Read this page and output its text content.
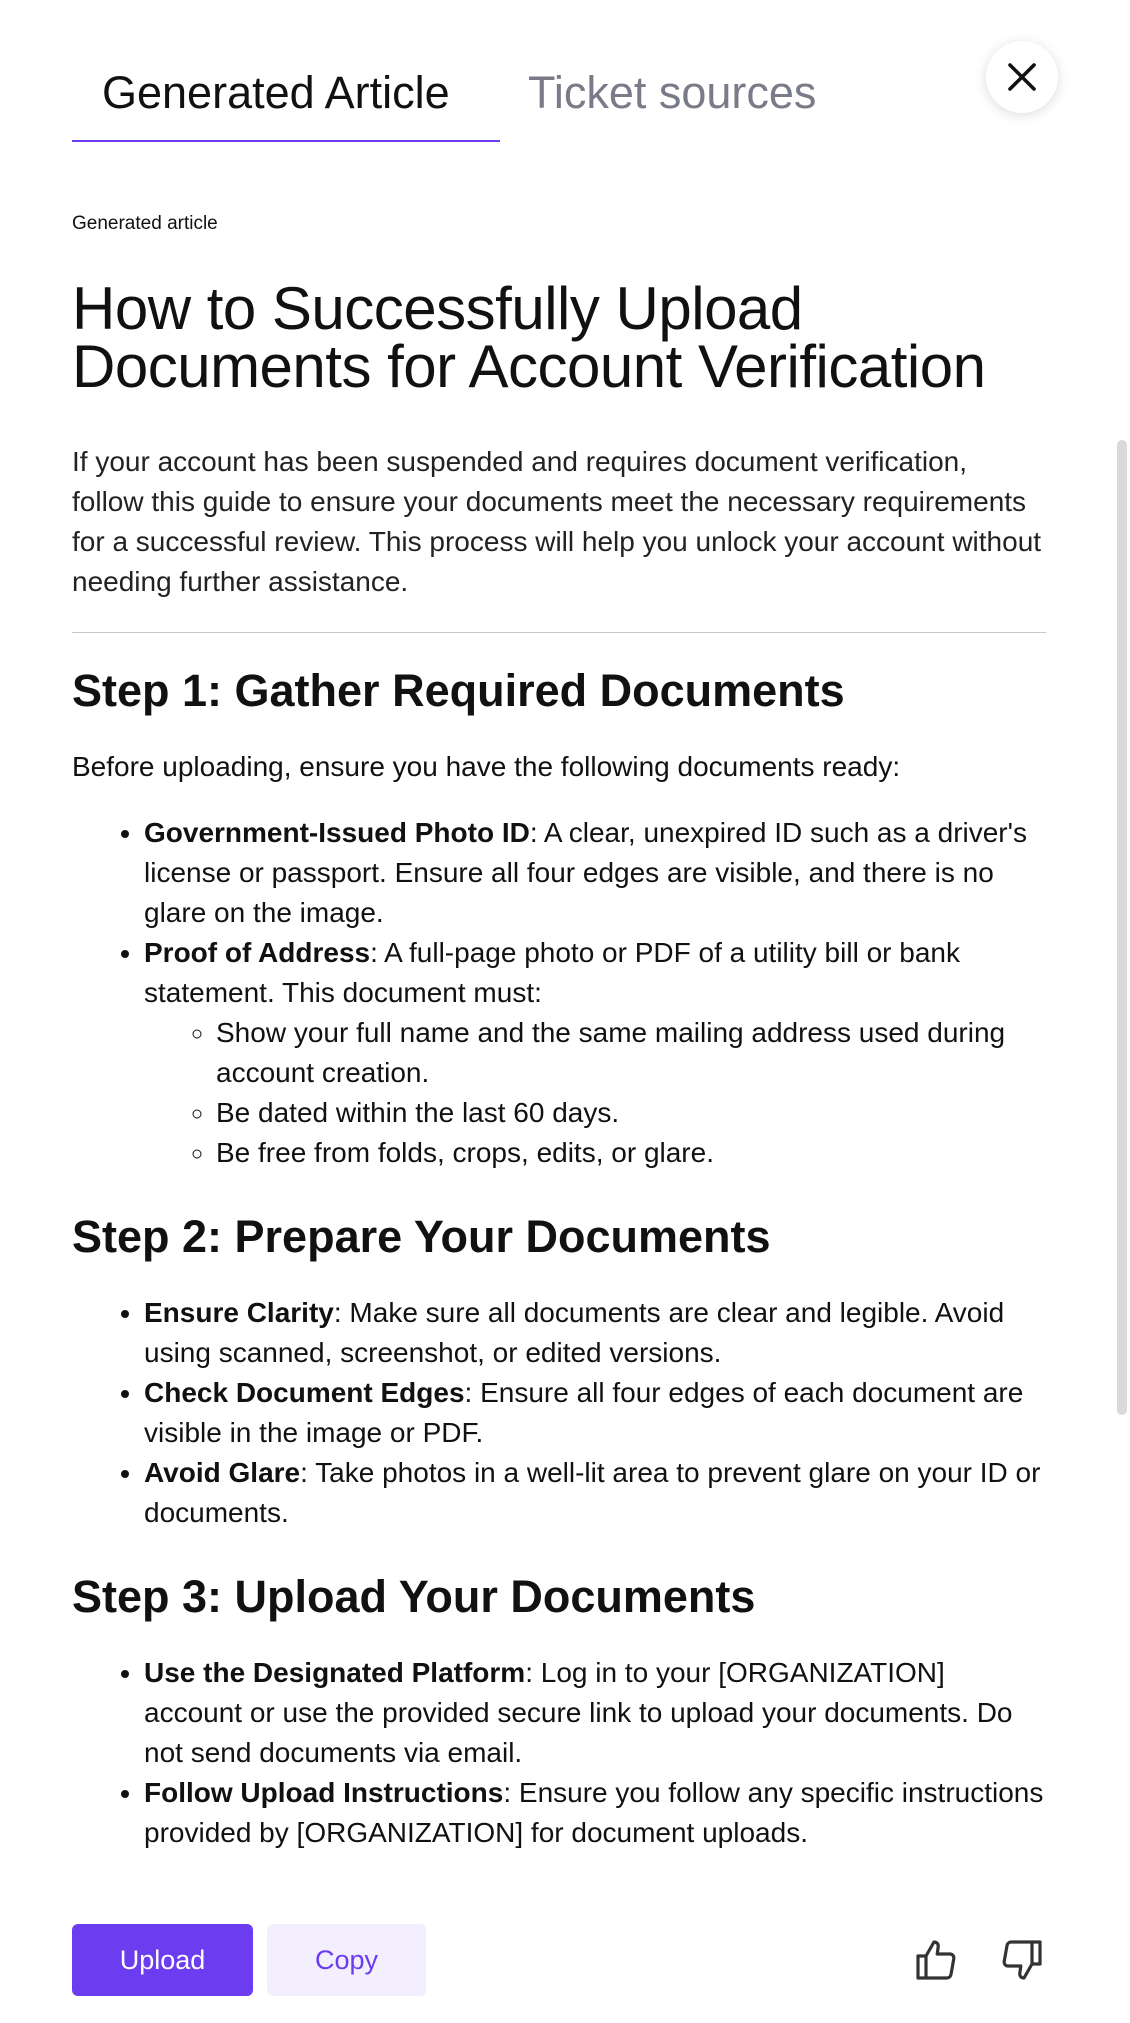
Generated Article	Ticket sources
Generated article
How to Successfully Upload Documents for Account Verification

If your account has been suspended and requires document verification, follow this guide to ensure your documents meet the necessary requirements for a successful review. This process will help you unlock your account without needing further assistance.

Step 1: Gather Required Documents

Before uploading, ensure you have the following documents ready:

• Government-Issued Photo ID: A clear, unexpired ID such as a driver's license or passport. Ensure all four edges are visible, and there is no glare on the image.
• Proof of Address: A full-page photo or PDF of a utility bill or bank statement. This document must:
◦ Show your full name and the same mailing address used during account creation.
◦ Be dated within the last 60 days.
◦ Be free from folds, crops, edits, or glare.
Step 2: Prepare Your Documents
• Ensure Clarity: Make sure all documents are clear and legible. Avoid using scanned, screenshot, or edited versions.
• Check Document Edges: Ensure all four edges of each document are visible in the image or PDF.
• Avoid Glare: Take photos in a well-lit area to prevent glare on your ID or documents.
Step 3: Upload Your Documents
• Use the Designated Platform: Log in to your [ORGANIZATION] account or use the provided secure link to upload your documents. Do not send documents via email.
• Follow Upload Instructions: Ensure you follow any specific instructions provided by [ORGANIZATION] for document uploads.
Upload	Copy
